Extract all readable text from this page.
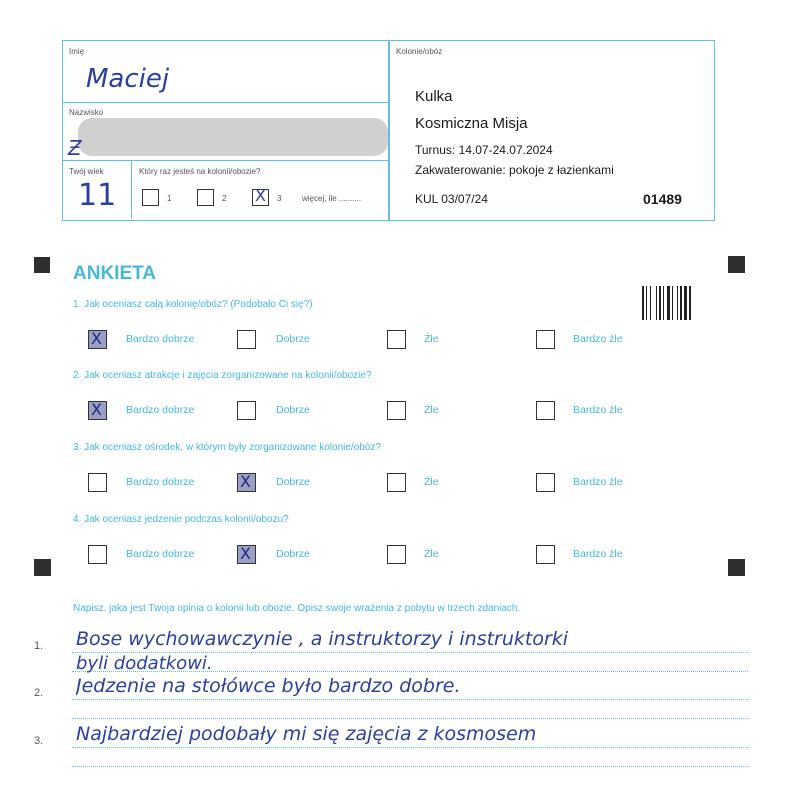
Imię
Maciej
Nazwisko
Ƶ
Twój wiek
11
Który raz jesteś na kolonii/obozie?
1	2 X 3	więcej, ile ..........
Kolonie/obóz
Kulka
Kosmiczna Misja
Turnus: 14.07-24.07.2024
Zakwaterowanie: pokoje z łazienkami
KUL 03/07/24	01489
ANKIETA
1. Jak oceniasz całą kolonię/obóz? (Podobało Ci się?)
X Bardzo dobrze	Dobrze	Źle	Bardzo źle
2. Jak oceniasz atrakcje i zajęcia zorganizowane na kolonii/obozie?
X Bardzo dobrze	Dobrze	Źle	Bardzo źle
3. Jak oceniasz ośrodek, w którym były zorganizowane kolonie/obóz?
Bardzo dobrze	X Dobrze	Źle	Bardzo źle
4. Jak oceniasz jedzenie podczas kolonii/obozu?
Bardzo dobrze	X Dobrze	Źle	Bardzo źle
Napisz, jaka jest Twoja opinia o kolonii lub obozie. Opisz swoje wrażenia z pobytu w trzech zdaniach.
1. Bose wychowawczynie , a instruktorzy i instruktorki
byli dodatkowi.
2. Jedzenie na stołówce było bardzo dobre.
3. Najbardziej podobały mi się zajęcia z kosmosem
